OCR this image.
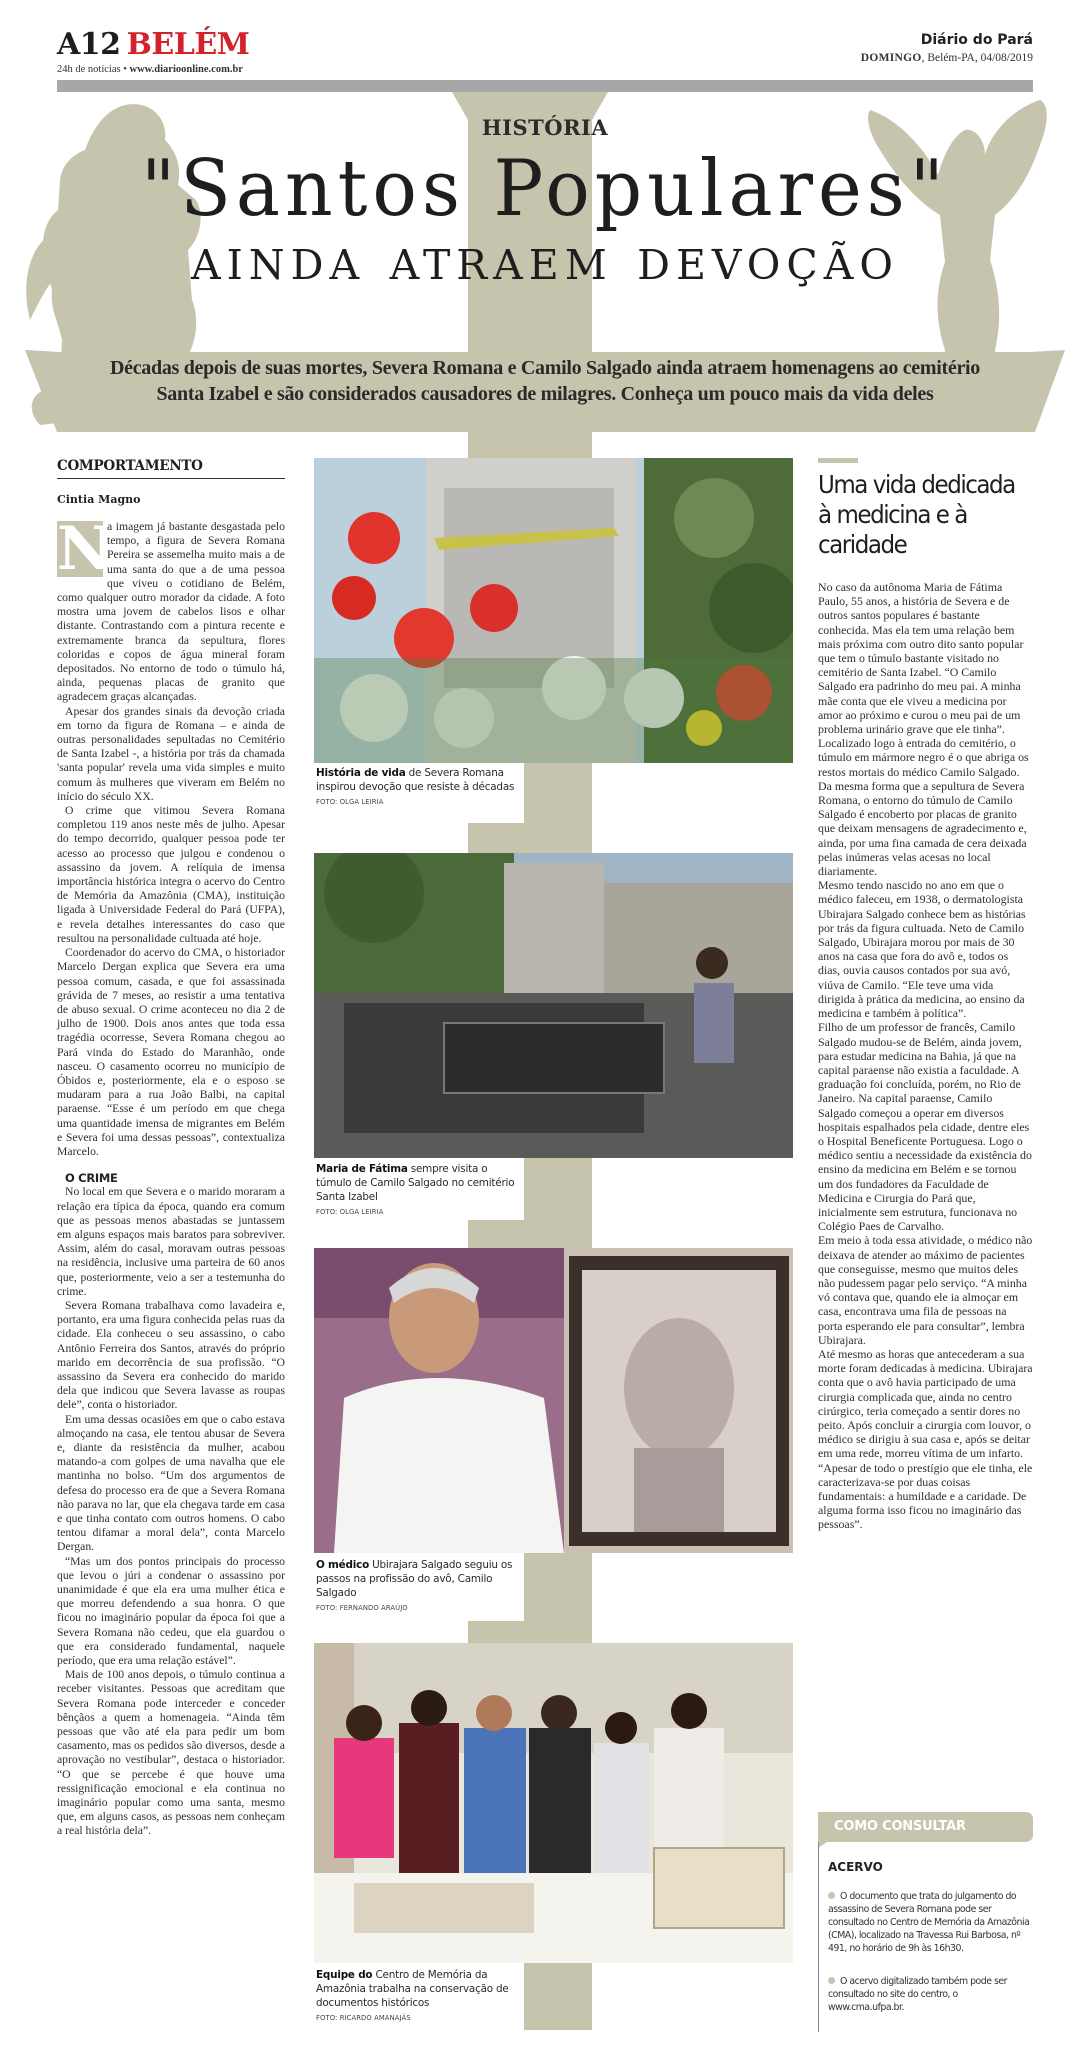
A12 BELÉM
24h de notícias • www.diarioonline.com.br
Diário do Pará
DOMINGO, Belém-PA, 04/08/2019
HISTÓRIA
"Santos Populares"
ainda atraem devoção
Décadas depois de suas mortes, Severa Romana e Camilo Salgado ainda atraem homenagens ao cemitério Santa Izabel e são considerados causadores de milagres. Conheça um pouco mais da vida deles
COMPORTAMENTO
Cintia Magno

N
a imagem já bastante desgastada pelo tempo, a figura de Severa Romana Pereira se assemelha muito mais a de uma santa do que a de uma pessoa que viveu o cotidiano de Belém, como qualquer outro morador da cidade. A foto mostra uma jovem de cabelos lisos e olhar distante. Contrastando com a pintura recente e extremamente branca da sepultura, flores coloridas e copos de água mineral foram depositados. No entorno de todo o túmulo há, ainda, pequenas placas de granito que agradecem graças alcançadas.

Apesar dos grandes sinais da devoção criada em torno da figura de Romana – e ainda de outras personalidades sepultadas no Cemitério de Santa Izabel -, a história por trás da chamada 'santa popular' revela uma vida simples e muito comum às mulheres que viveram em Belém no início do século XX.

O crime que vitimou Severa Romana completou 119 anos neste mês de julho. Apesar do tempo decorrido, qualquer pessoa pode ter acesso ao processo que julgou e condenou o assassino da jovem. A relíquia de imensa importância histórica integra o acervo do Centro de Memória da Amazônia (CMA), instituição ligada à Universidade Federal do Pará (UFPA), e revela detalhes interessantes do caso que resultou na personalidade cultuada até hoje.

Coordenador do acervo do CMA, o historiador Marcelo Dergan explica que Severa era uma pessoa comum, casada, e que foi assassinada grávida de 7 meses, ao resistir a uma tentativa de abuso sexual. O crime aconteceu no dia 2 de julho de 1900. Dois anos antes que toda essa tragédia ocorresse, Severa Romana chegou ao Pará vinda do Estado do Maranhão, onde nasceu. O casamento ocorreu no município de Óbidos e, posteriormente, ela e o esposo se mudaram para a rua João Balbi, na capital paraense. “Esse é um período em que chega uma quantidade imensa de migrantes em Belém e Severa foi uma dessas pessoas”, contextualiza Marcelo.

O CRIME

No local em que Severa e o marido moraram a relação era típica da época, quando era comum que as pessoas menos abastadas se juntassem em alguns espaços mais baratos para sobreviver. Assim, além do casal, moravam outras pessoas na residência, inclusive uma parteira de 60 anos que, posteriormente, veio a ser a testemunha do crime.

Severa Romana trabalhava como lavadeira e, portanto, era uma figura conhecida pelas ruas da cidade. Ela conheceu o seu assassino, o cabo Antônio Ferreira dos Santos, através do próprio marido em decorrência de sua profissão. “O assassino da Severa era conhecido do marido dela que indicou que Severa lavasse as roupas dele”, conta o historiador.

Em uma dessas ocasiões em que o cabo estava almoçando na casa, ele tentou abusar de Severa e, diante da resistência da mulher, acabou matando-a com golpes de uma navalha que ele mantinha no bolso. “Um dos argumentos de defesa do processo era de que a Severa Romana não parava no lar, que ela chegava tarde em casa e que tinha contato com outros homens. O cabo tentou difamar a moral dela”, conta Marcelo Dergan.

“Mas um dos pontos principais do processo que levou o júri a condenar o assassino por unanimidade é que ela era uma mulher ética e que morreu defendendo a sua honra. O que ficou no imaginário popular da época foi que a Severa Romana não cedeu, que ela guardou o que era considerado fundamental, naquele período, que era uma relação estável”.

Mais de 100 anos depois, o túmulo continua a receber visitantes. Pessoas que acreditam que Severa Romana pode interceder e conceder bênçãos a quem a homenageia. “Ainda têm pessoas que vão até ela para pedir um bom casamento, mas os pedidos são diversos, desde a aprovação no vestibular”, destaca o historiador. “O que se percebe é que houve uma ressignificação emocional e ela continua no imaginário popular como uma santa, mesmo que, em alguns casos, as pessoas nem conheçam a real história dela”.

História de vida de Severa Romana inspirou devoção que resiste à décadas
FOTO: OLGA LEIRIA
Maria de Fátima sempre visita o túmulo de Camilo Salgado no cemitério Santa Izabel
FOTO: OLGA LEIRIA
O médico Ubirajara Salgado seguiu os passos na profissão do avô, Camilo Salgado
FOTO: FERNANDO ARAÚJO
Equipe do Centro de Memória da Amazônia trabalha na conservação de documentos históricos
FOTO: RICARDO AMANAJÁS
Uma vida dedicada à medicina e à caridade

No caso da autônoma Maria de Fátima Paulo, 55 anos, a história de Severa e de outros santos populares é bastante conhecida. Mas ela tem uma relação bem mais próxima com outro dito santo popular que tem o túmulo bastante visitado no cemitério de Santa Izabel. “O Camilo Salgado era padrinho do meu pai. A minha mãe conta que ele viveu a medicina por amor ao próximo e curou o meu pai de um problema urinário grave que ele tinha”.

Localizado logo à entrada do cemitério, o túmulo em mármore negro é o que abriga os restos mortais do médico Camilo Salgado. Da mesma forma que a sepultura de Severa Romana, o entorno do túmulo de Camilo Salgado é encoberto por placas de granito que deixam mensagens de agradecimento e, ainda, por uma fina camada de cera deixada pelas inúmeras velas acesas no local diariamente.

Mesmo tendo nascido no ano em que o médico faleceu, em 1938, o dermatologista Ubirajara Salgado conhece bem as histórias por trás da figura cultuada. Neto de Camilo Salgado, Ubirajara morou por mais de 30 anos na casa que fora do avô e, todos os dias, ouvia causos contados por sua avó, viúva de Camilo. “Ele teve uma vida dirigida à prática da medicina, ao ensino da medicina e também à política”.

Filho de um professor de francês, Camilo Salgado mudou-se de Belém, ainda jovem, para estudar medicina na Bahia, já que na capital paraense não existia a faculdade. A graduação foi concluída, porém, no Rio de Janeiro. Na capital paraense, Camilo Salgado começou a operar em diversos hospitais espalhados pela cidade, dentre eles o Hospital Beneficente Portuguesa. Logo o médico sentiu a necessidade da existência do ensino da medicina em Belém e se tornou um dos fundadores da Faculdade de Medicina e Cirurgia do Pará que, inicialmente sem estrutura, funcionava no Colégio Paes de Carvalho.

Em meio à toda essa atividade, o médico não deixava de atender ao máximo de pacientes que conseguisse, mesmo que muitos deles não pudessem pagar pelo serviço. “A minha vó contava que, quando ele ia almoçar em casa, encontrava uma fila de pessoas na porta esperando ele para consultar”, lembra Ubirajara.

Até mesmo as horas que antecederam a sua morte foram dedicadas à medicina. Ubirajara conta que o avô havia participado de uma cirurgia complicada que, ainda no centro cirúrgico, teria começado a sentir dores no peito. Após concluir a cirurgia com louvor, o médico se dirigiu à sua casa e, após se deitar em uma rede, morreu vítima de um infarto. “Apesar de todo o prestígio que ele tinha, ele caracterizava-se por duas coisas fundamentais: a humildade e a caridade. De alguma forma isso ficou no imaginário das pessoas”.

COMO CONSULTAR
ACERVO
O documento que trata do julgamento do assassino de Severa Romana pode ser consultado no Centro de Memória da Amazônia (CMA), localizado na Travessa Rui Barbosa, nº 491, no horário de 9h às 16h30.
O acervo digitalizado também pode ser consultado no site do centro, o www.cma.ufpa.br.
